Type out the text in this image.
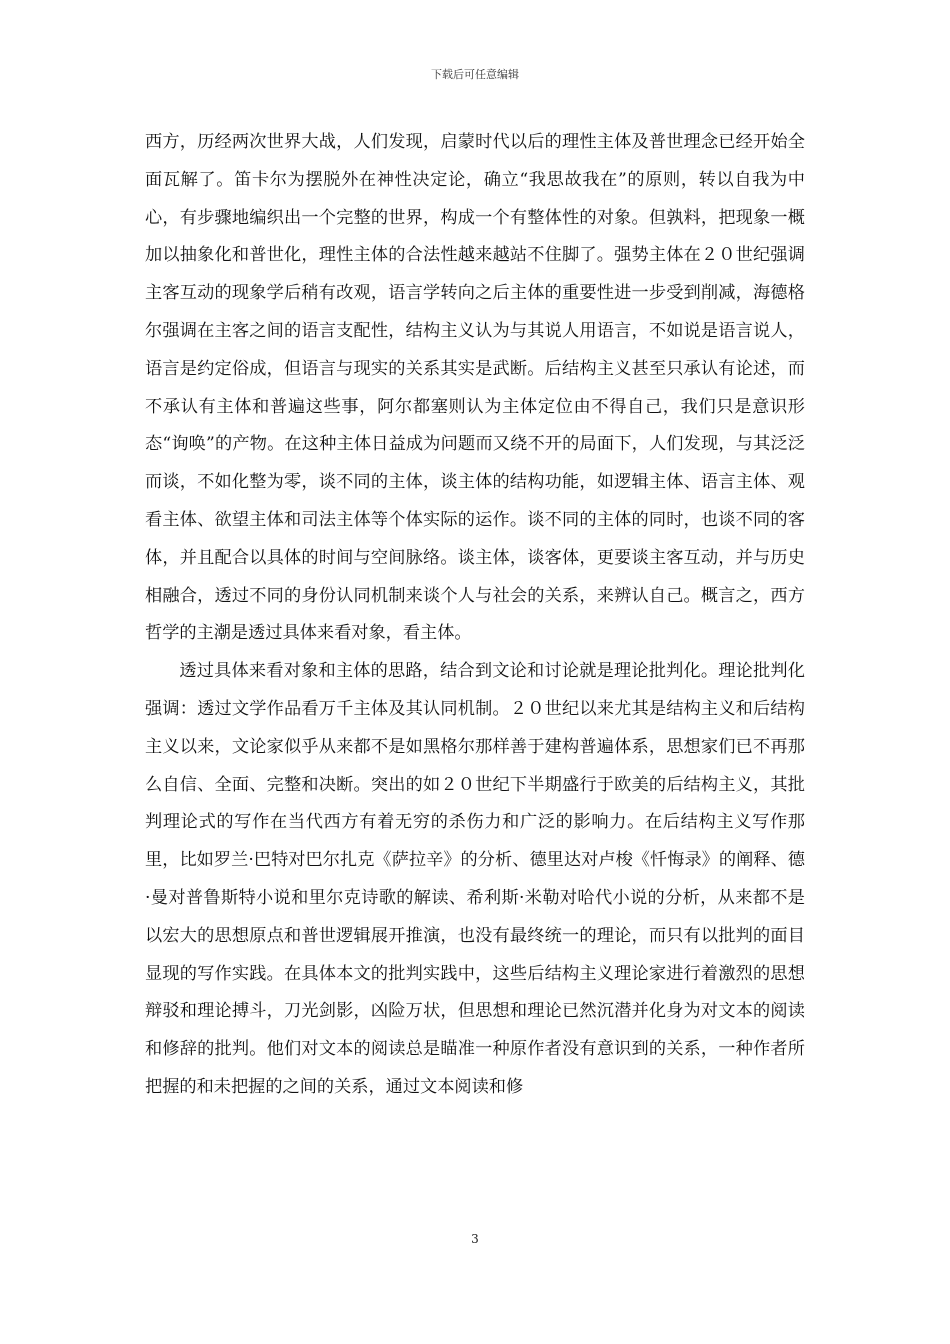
下载后可任意编辑

西方，历经两次世界大战，人们发现，启蒙时代以后的理性主体及普世理念已经开始全面瓦解了。笛卡尔为摆脱外在神性决定论，确立“我思故我在”的原则，转以自我为中心，有步骤地编织出一个完整的世界，构成一个有整体性的对象。但孰料，把现象一概加以抽象化和普世化，理性主体的合法性越来越站不住脚了。强势主体在２０世纪强调主客互动的现象学后稍有改观，语言学转向之后主体的重要性进一步受到削减，海德格尔强调在主客之间的语言支配性，结构主义认为与其说人用语言，不如说是语言说人，语言是约定俗成，但语言与现实的关系其实是武断。后结构主义甚至只承认有论述，而不承认有主体和普遍这些事，阿尔都塞则认为主体定位由不得自己，我们只是意识形态“询唤”的产物。在这种主体日益成为问题而又绕不开的局面下，人们发现，与其泛泛而谈，不如化整为零，谈不同的主体，谈主体的结构功能，如逻辑主体、语言主体、观看主体、欲望主体和司法主体等个体实际的运作。谈不同的主体的同时，也谈不同的客体，并且配合以具体的时间与空间脉络。谈主体，谈客体，更要谈主客互动，并与历史相融合，透过不同的身份认同机制来谈个人与社会的关系，来辨认自己。概言之，西方哲学的主潮是透过具体来看对象，看主体。

透过具体来看对象和主体的思路，结合到文论和讨论就是理论批判化。理论批判化强调：透过文学作品看万千主体及其认同机制。２０世纪以来尤其是结构主义和后结构主义以来，文论家似乎从来都不是如黑格尔那样善于建构普遍体系，思想家们已不再那么自信、全面、完整和决断。突出的如２０世纪下半期盛行于欧美的后结构主义，其批判理论式的写作在当代西方有着无穷的杀伤力和广泛的影响力。在后结构主义写作那里，比如罗兰·巴特对巴尔扎克《萨拉辛》的分析、德里达对卢梭《忏悔录》的阐释、德·曼对普鲁斯特小说和里尔克诗歌的解读、希利斯·米勒对哈代小说的分析，从来都不是以宏大的思想原点和普世逻辑展开推演，也没有最终统一的理论，而只有以批判的面目显现的写作实践。在具体本文的批判实践中，这些后结构主义理论家进行着激烈的思想辩驳和理论搏斗，刀光剑影，凶险万状，但思想和理论已然沉潜并化身为对文本的阅读和修辞的批判。他们对文本的阅读总是瞄准一种原作者没有意识到的关系，一种作者所把握的和未把握的之间的关系，通过文本阅读和修

3
